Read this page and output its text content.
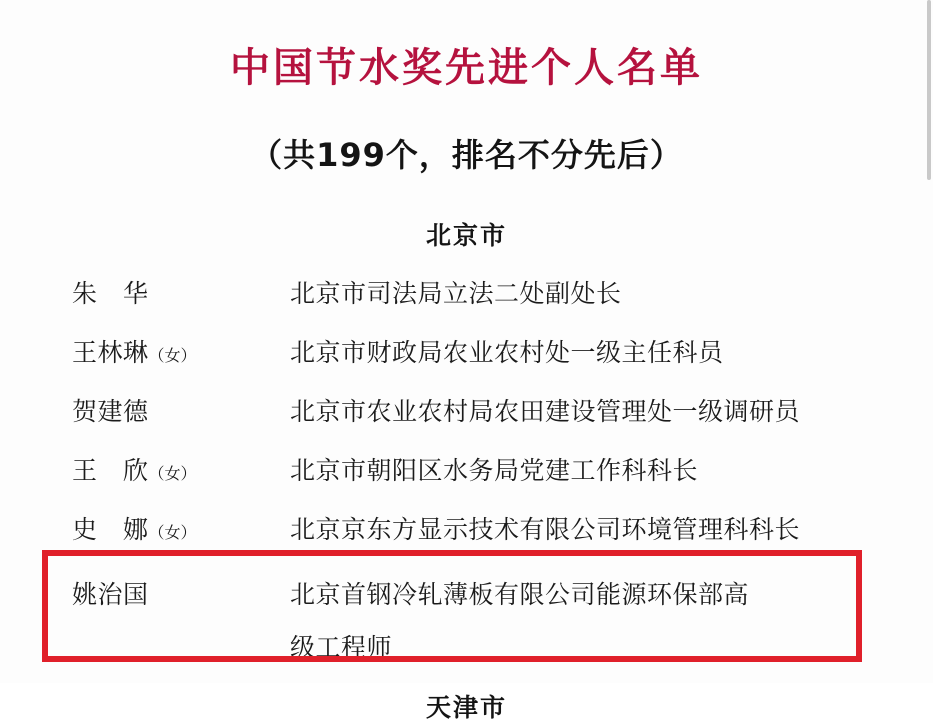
中国节水奖先进个人名单
（共199个，排名不分先后）
北京市
朱　华	北京市司法局立法二处副处长
王林琳（女）	北京市财政局农业农村处一级主任科员
贺建德	北京市农业农村局农田建设管理处一级调研员
王　欣（女）	北京市朝阳区水务局党建工作科科长
史　娜（女）	北京京东方显示技术有限公司环境管理科科长
姚治国	北京首钢冷轧薄板有限公司能源环保部高
级工程师
天津市
